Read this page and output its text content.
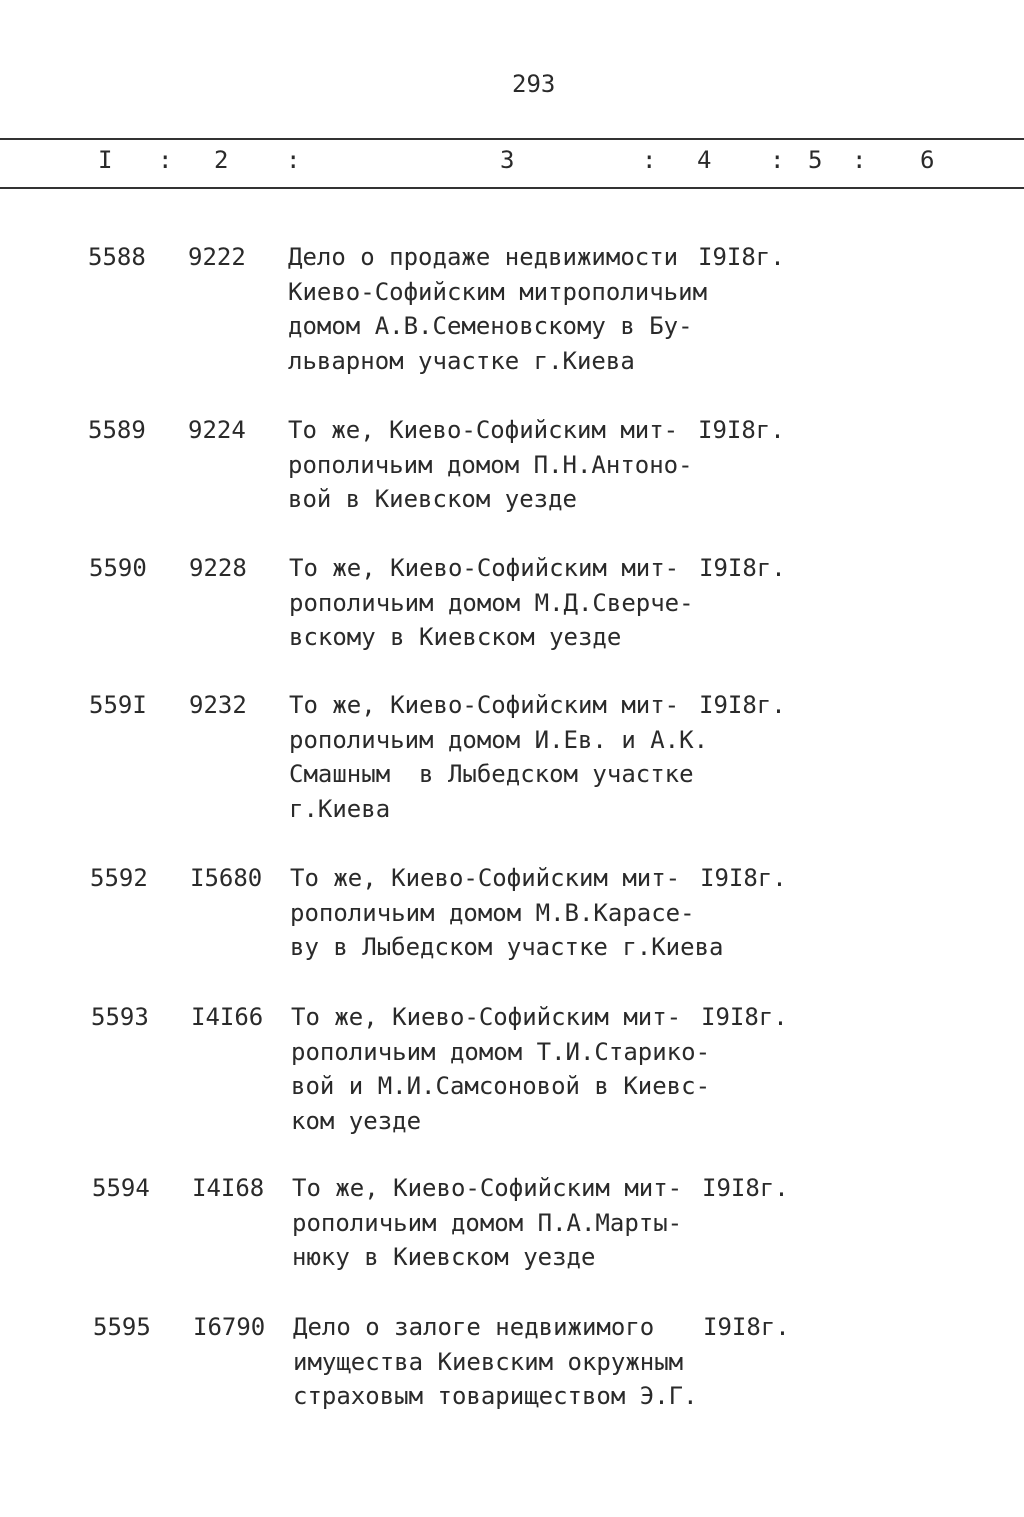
293
I : 2 :	3	: 4 : 5 : 6
5588 9222 Дело о продаже недвижимости
Киево-Софийским митрополичьим
домом А.В.Семеновскому в Бу-
льварном участке г.Киева
I9I8г.
5589 9224 То же, Киево-Софийским мит-
рополичьим домом П.Н.Антоно-
вой в Киевском уезде
I9I8г.
5590 9228 То же, Киево-Софийским мит-
рополичьим домом М.Д.Сверче-
вскому в Киевском уезде
I9I8г.
559I 9232 То же, Киево-Софийским мит-
рополичьим домом И.Ев. и А.К.
Смашным  в Лыбедском участке
г.Киева
I9I8г.
5592 I5680 То же, Киево-Софийским мит-
рополичьим домом М.В.Карасе-
ву в Лыбедском участке г.Киева
I9I8г.
5593 I4I66 То же, Киево-Софийским мит-
рополичьим домом Т.И.Старико-
вой и М.И.Самсоновой в Киевс-
ком уезде
I9I8г.
5594 I4I68 То же, Киево-Софийским мит-
рополичьим домом П.А.Марты-
нюку в Киевском уезде
I9I8г.
5595 I6790 Дело о залоге недвижимого
имущества Киевским окружным
страховым товариществом Э.Г.
I9I8г.
